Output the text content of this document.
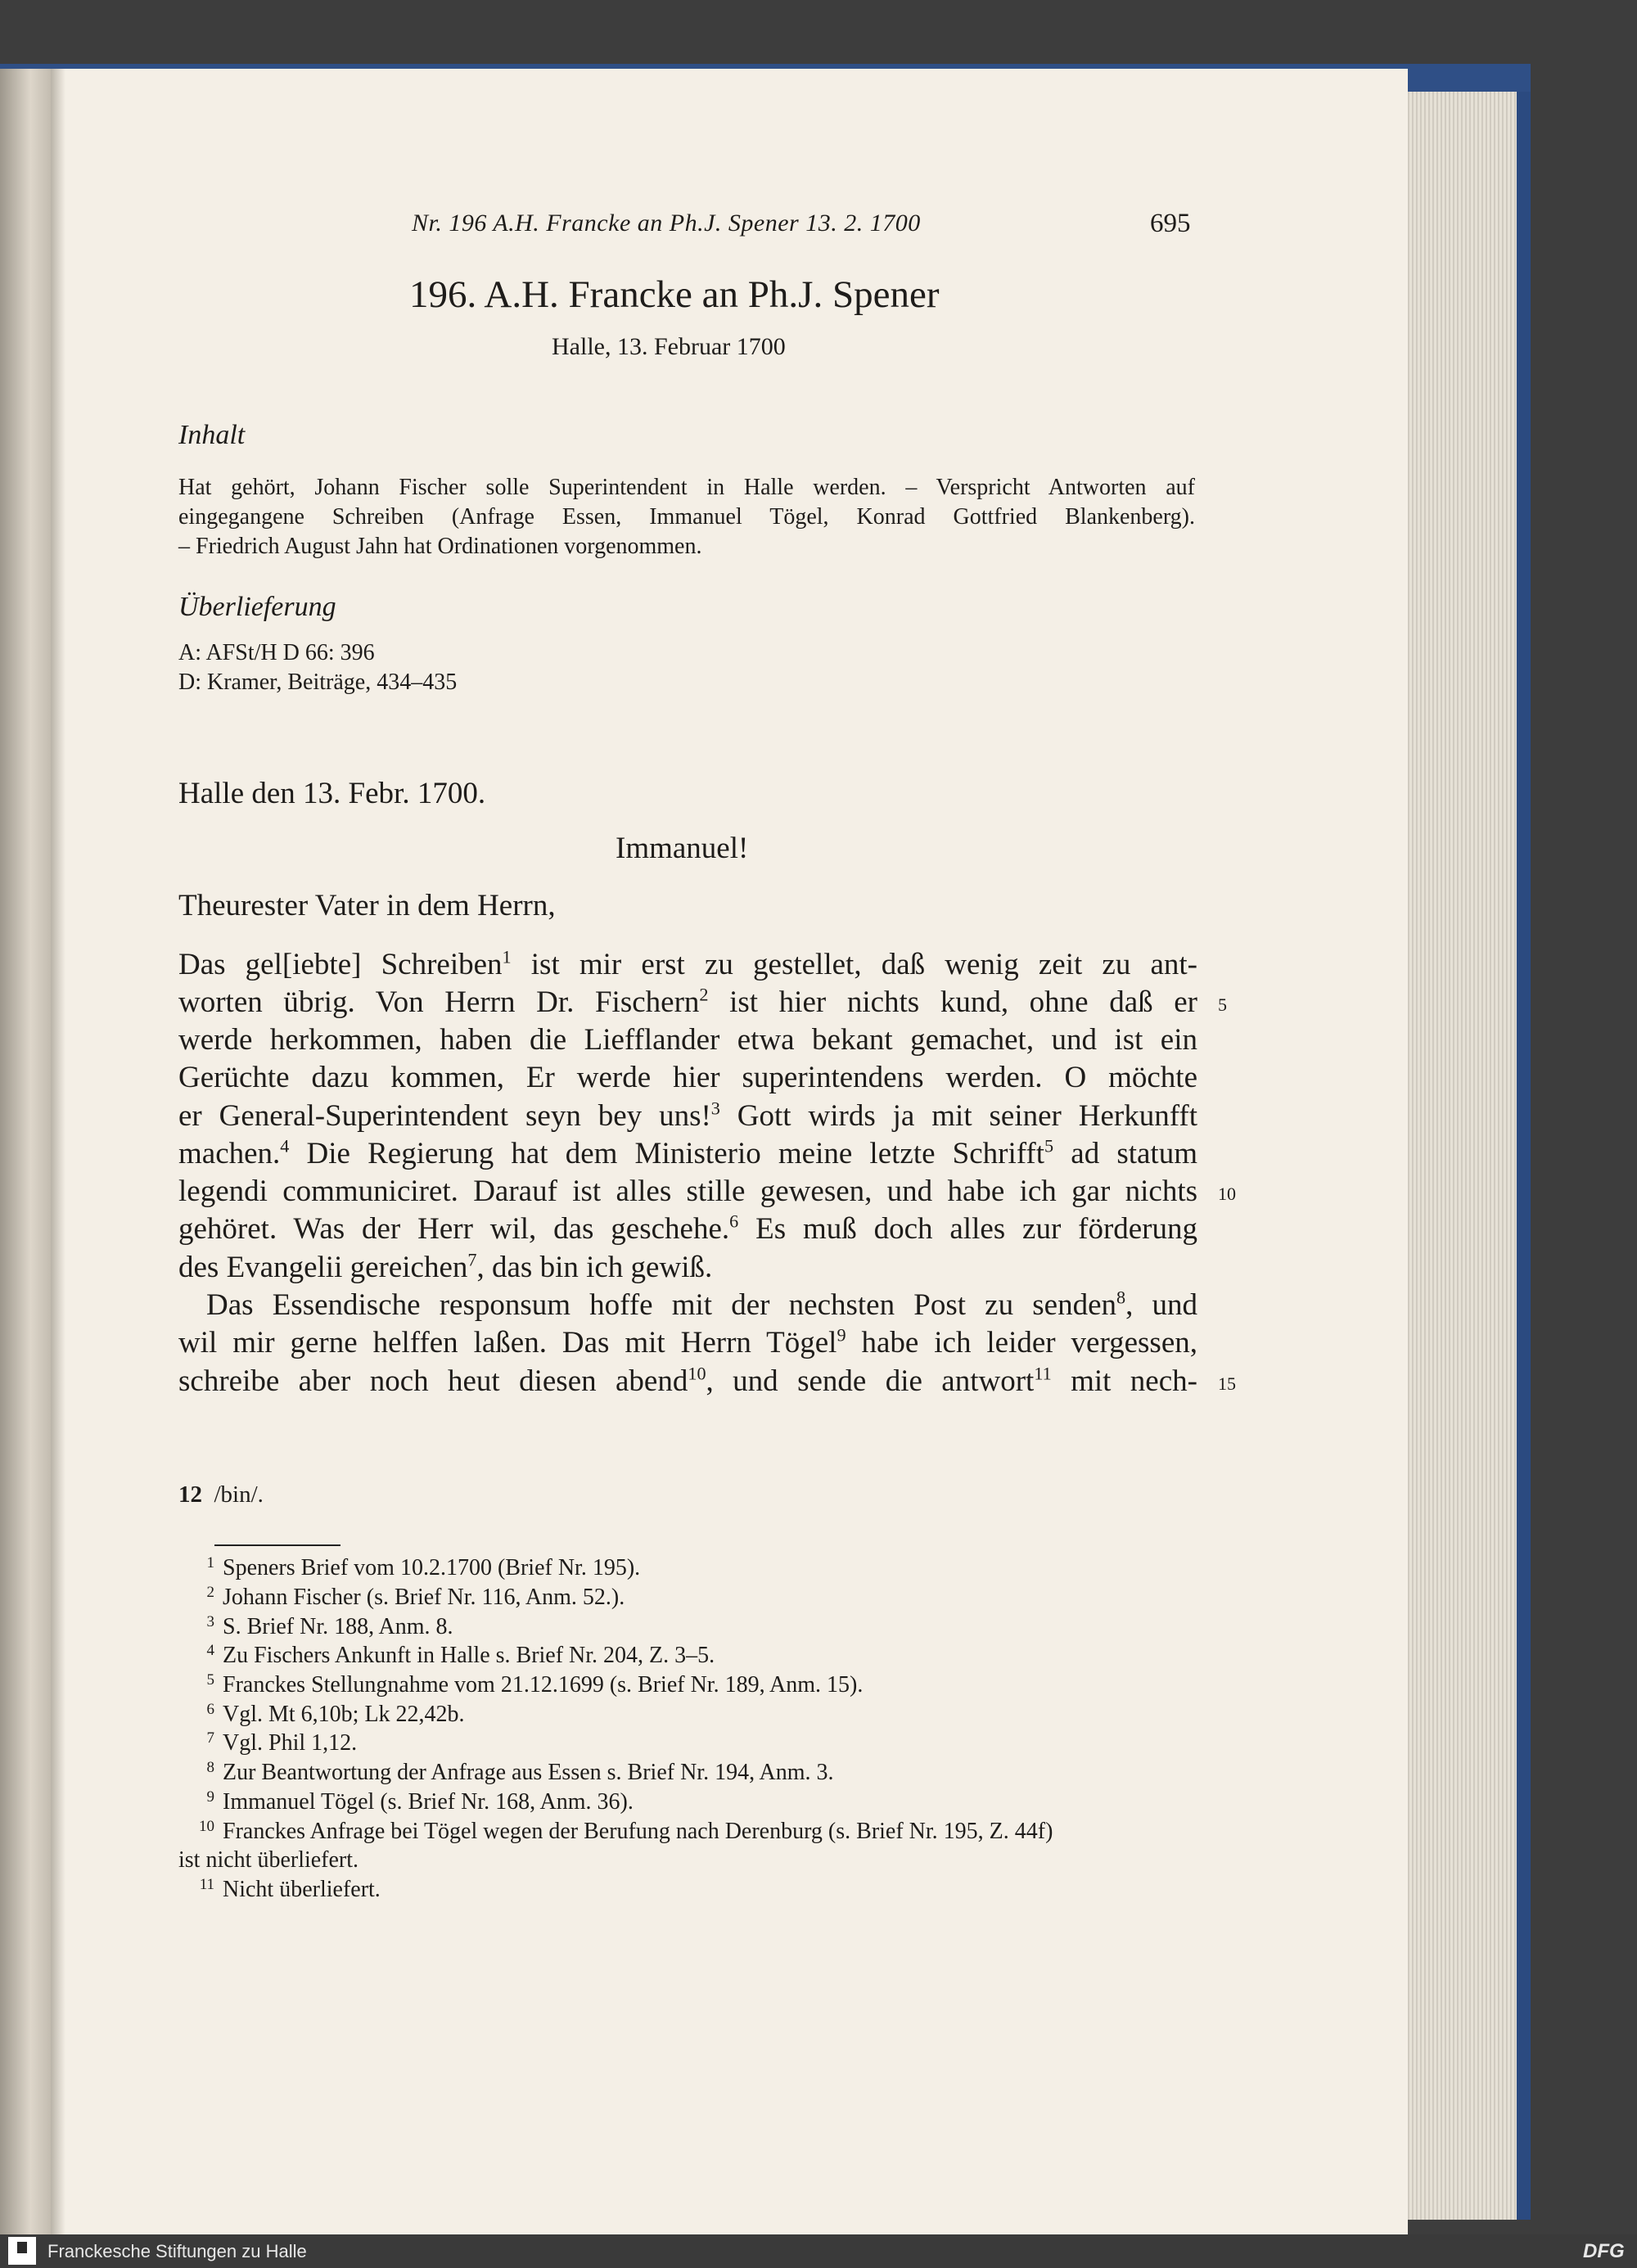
Nr. 196 A.H. Francke an Ph.J. Spener 13. 2. 1700	695
196. A.H. Francke an Ph.J. Spener
Halle, 13. Februar 1700
Inhalt
Hat gehört, Johann Fischer solle Superintendent in Halle werden. – Verspricht Antworten auf
eingegangene Schreiben (Anfrage Essen, Immanuel Tögel, Konrad Gottfried Blankenberg).
– Friedrich August Jahn hat Ordinationen vorgenommen.
Überlieferung
A: AFSt/H D 66: 396
D: Kramer, Beiträge, 434–435
Halle den 13. Febr. 1700.
Immanuel!
Theurester Vater in dem Herrn,
Das gel[iebte] Schreiben$^1$ ist mir erst zu gestellet, daß wenig zeit zu ant-
worten übrig. Von Herrn Dr. Fischern$^2$ ist hier nichts kund, ohne daß er 5
werde herkommen, haben die Liefflander etwa bekant gemachet, und ist ein
Gerüchte dazu kommen, Er werde hier superintendens werden. O möchte
er General-Superintendent seyn bey uns!$^3$ Gott wirds ja mit seiner Herkunfft
machen.$^4$ Die Regierung hat dem Ministerio meine letzte Schrifft$^5$ ad statum
legendi communiciret. Darauf ist alles stille gewesen, und habe ich gar nichts 10
gehöret. Was der Herr wil, das geschehe.$^6$ Es muß doch alles zur förderung
des Evangelii gereichen$^7$, das bin ich gewiß.
Das Essendische responsum hoffe mit der nechsten Post zu senden$^8$, und
wil mir gerne helffen laßen. Das mit Herrn Tögel$^9$ habe ich leider vergessen,
schreibe aber noch heut diesen abend$^{10}$, und sende die antwort$^{11}$ mit nech- 15
12 /bin/.
1 Speners Brief vom 10.2.1700 (Brief Nr. 195).
2 Johann Fischer (s. Brief Nr. 116, Anm. 52.).
3 S. Brief Nr. 188, Anm. 8.
4 Zu Fischers Ankunft in Halle s. Brief Nr. 204, Z. 3–5.
5 Franckes Stellungnahme vom 21.12.1699 (s. Brief Nr. 189, Anm. 15).
6 Vgl. Mt 6,10b; Lk 22,42b.
7 Vgl. Phil 1,12.
8 Zur Beantwortung der Anfrage aus Essen s. Brief Nr. 194, Anm. 3.
9 Immanuel Tögel (s. Brief Nr. 168, Anm. 36).
10 Franckes Anfrage bei Tögel wegen der Berufung nach Derenburg (s. Brief Nr. 195, Z. 44f)
ist nicht überliefert.
11 Nicht überliefert.
Franckesche Stiftungen zu Halle	DFG
